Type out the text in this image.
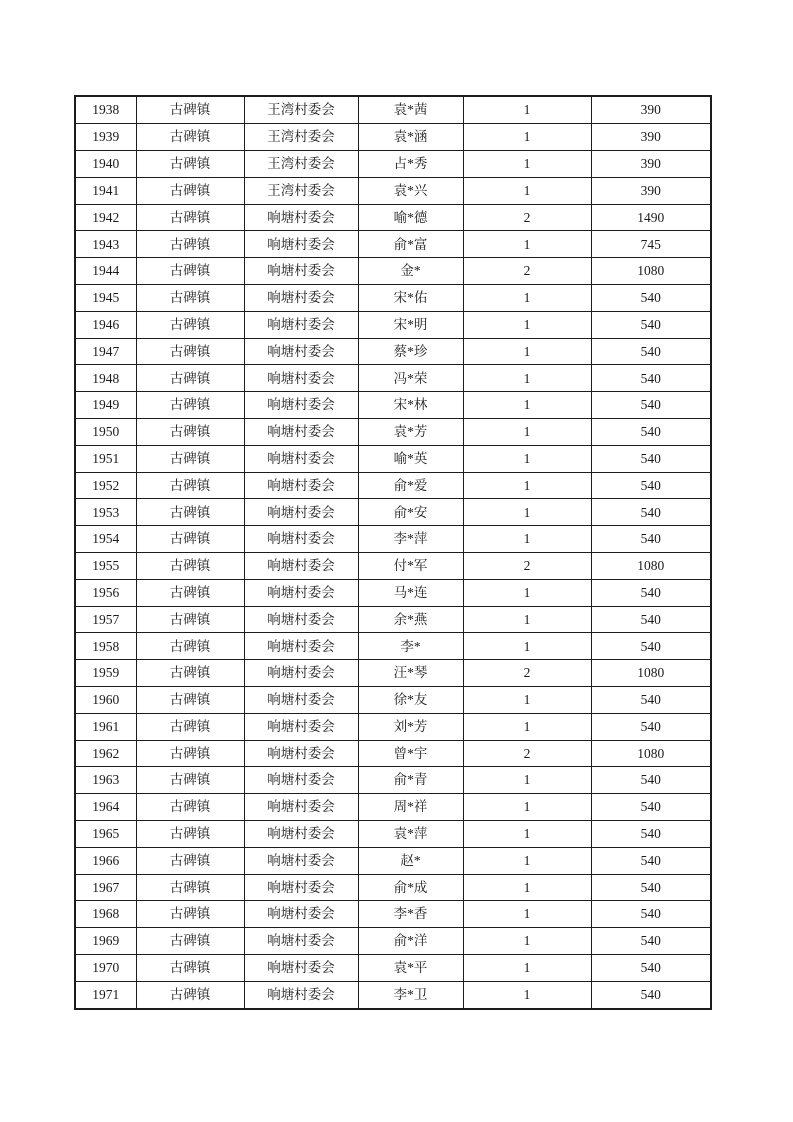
1938	古碑镇	王湾村委会	袁*茜	1	390
1939	古碑镇	王湾村委会	袁*涵	1	390
1940	古碑镇	王湾村委会	占*秀	1	390
1941	古碑镇	王湾村委会	袁*兴	1	390
1942	古碑镇	响塘村委会	喻*德	2	1490
1943	古碑镇	响塘村委会	俞*富	1	745
1944	古碑镇	响塘村委会	金*	2	1080
1945	古碑镇	响塘村委会	宋*佑	1	540
1946	古碑镇	响塘村委会	宋*明	1	540
1947	古碑镇	响塘村委会	蔡*珍	1	540
1948	古碑镇	响塘村委会	冯*荣	1	540
1949	古碑镇	响塘村委会	宋*林	1	540
1950	古碑镇	响塘村委会	袁*芳	1	540
1951	古碑镇	响塘村委会	喻*英	1	540
1952	古碑镇	响塘村委会	俞*爱	1	540
1953	古碑镇	响塘村委会	俞*安	1	540
1954	古碑镇	响塘村委会	李*萍	1	540
1955	古碑镇	响塘村委会	付*军	2	1080
1956	古碑镇	响塘村委会	马*连	1	540
1957	古碑镇	响塘村委会	余*燕	1	540
1958	古碑镇	响塘村委会	李*	1	540
1959	古碑镇	响塘村委会	汪*琴	2	1080
1960	古碑镇	响塘村委会	徐*友	1	540
1961	古碑镇	响塘村委会	刘*芳	1	540
1962	古碑镇	响塘村委会	曾*宇	2	1080
1963	古碑镇	响塘村委会	俞*青	1	540
1964	古碑镇	响塘村委会	周*祥	1	540
1965	古碑镇	响塘村委会	袁*萍	1	540
1966	古碑镇	响塘村委会	赵*	1	540
1967	古碑镇	响塘村委会	俞*成	1	540
1968	古碑镇	响塘村委会	李*香	1	540
1969	古碑镇	响塘村委会	俞*洋	1	540
1970	古碑镇	响塘村委会	袁*平	1	540
1971	古碑镇	响塘村委会	李*卫	1	540
